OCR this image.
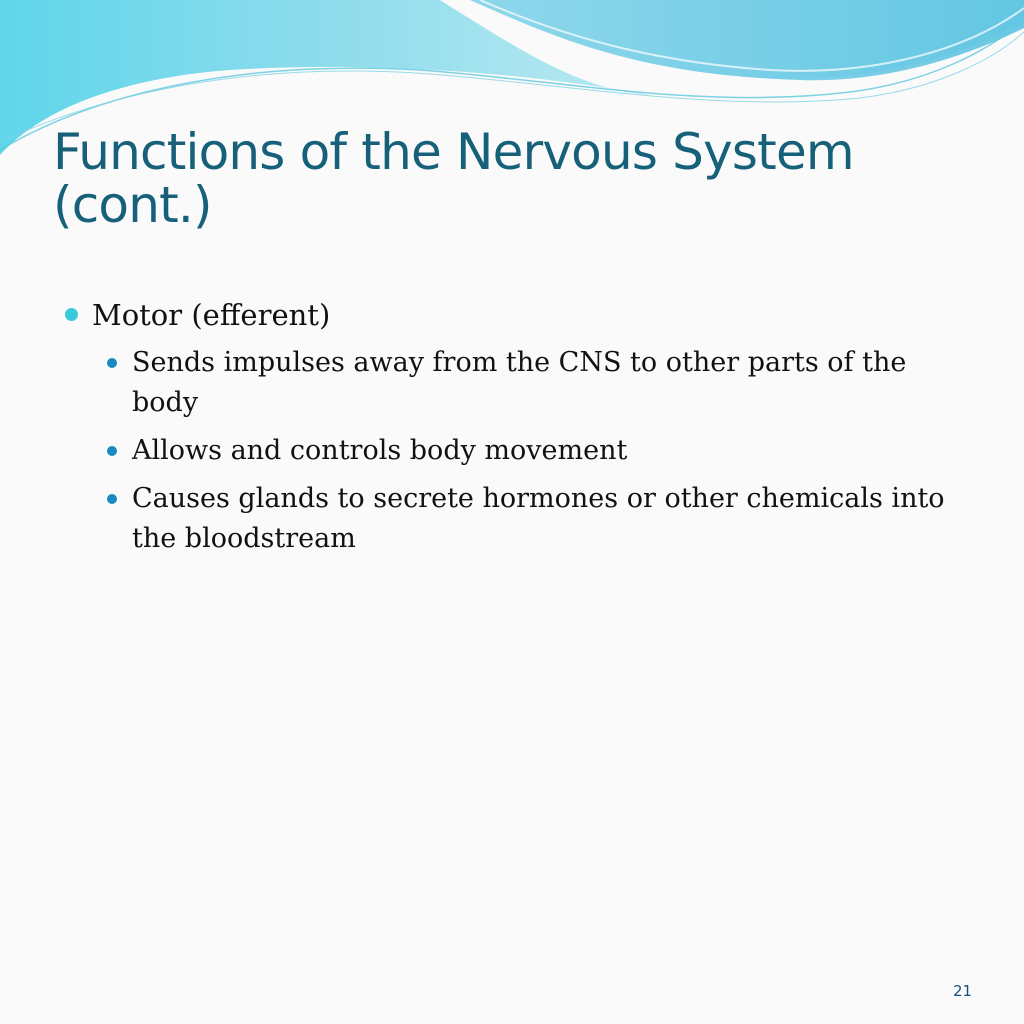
Functions of the Nervous System
(cont.)
Motor (efferent)
Sends impulses away from the CNS to other parts of the body
Allows and controls body movement
Causes glands to secrete hormones or other chemicals into the bloodstream
21
